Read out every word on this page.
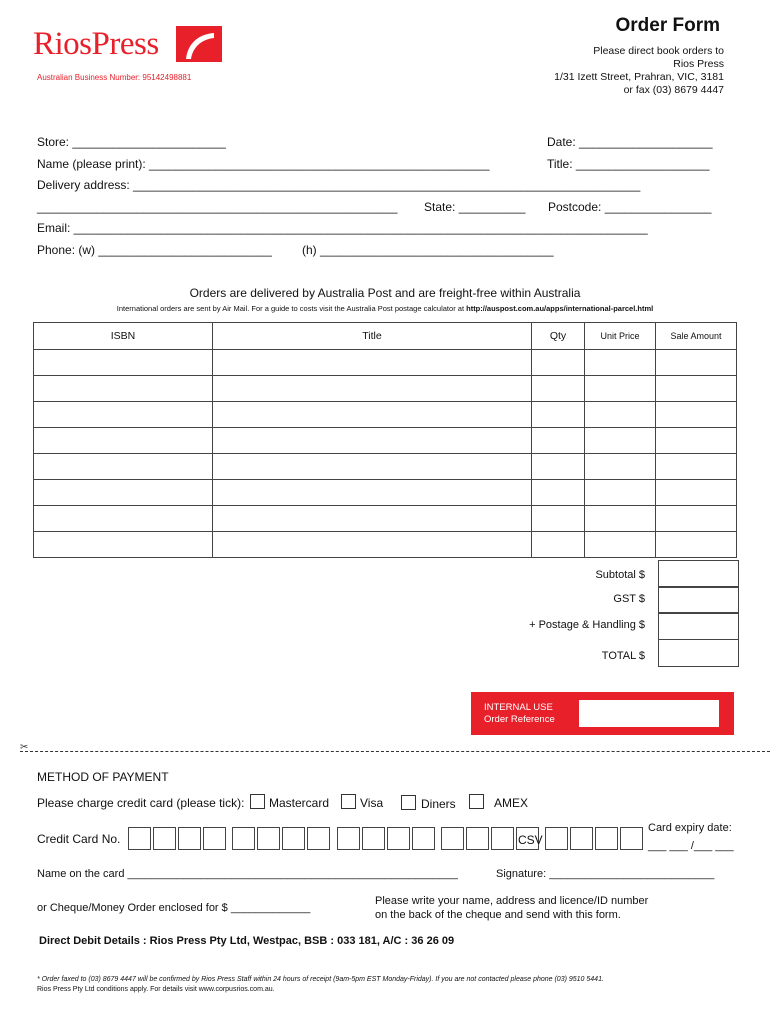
RiosPress
Australian Business Number: 95142498881
Order Form
Please direct book orders to
Rios Press
1/31 Izett Street, Prahran, VIC, 3181
or fax (03) 8679 4447
Store: _______________________	Date: ____________________
Name (please print): ___________________________________________________	Title: ____________________
Delivery address: ____________________________________________________________________________
______________________________________________________ State: __________ Postcode: ________________
Email: ______________________________________________________________________________________
Phone: (w) __________________________	(h) ___________________________________
Orders are delivered by Australia Post and are freight-free within Australia
International orders are sent by Air Mail. For a guide to costs visit the Australia Post postage calculator at http://auspost.com.au/apps/international-parcel.html
ISBN	Title	Qty	Unit Price	Sale Amount

Subtotal $
GST $
+ Postage & Handling $
TOTAL $
INTERNAL USE
Order Reference
✂
METHOD OF PAYMENT
Please charge credit card (please tick): Mastercard	Visa	Diners	AMEX
Credit Card No.
	CSV
Card expiry date:
___ ___ /___ ___
Name on the card ______________________________________________________	Signature: ___________________________
or Cheque/Money Order enclosed for $ _____________
Please write your name, address and licence/ID number
on the back of the cheque and send with this form.
Direct Debit Details : Rios Press Pty Ltd, Westpac, BSB : 033 181, A/C : 36 26 09
* Order faxed to (03) 8679 4447 will be confirmed by Rios Press Staff within 24 hours of receipt (9am-5pm EST Monday-Friday). If you are not contacted please phone (03) 9510 5441.
Rios Press Pty Ltd conditions apply. For details visit www.corpusrios.com.au.
